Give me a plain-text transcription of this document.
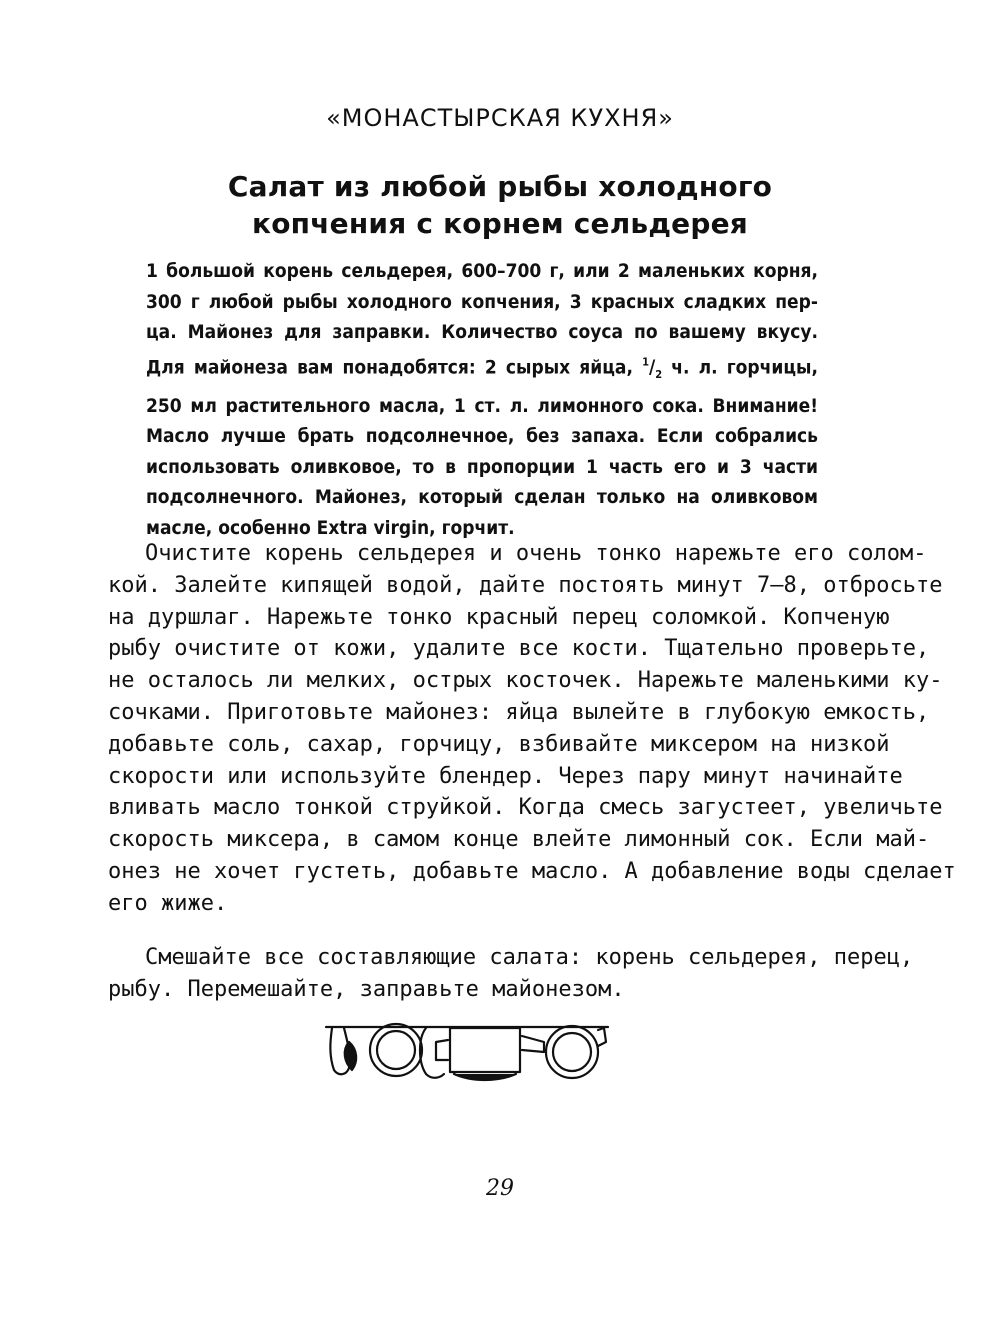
«МОНАСТЫРСКАЯ КУХНЯ»
Салат из любой рыбы холодного
копчения с корнем сельдерея
1 большой корень сельдерея, 600–700 г, или 2 маленьких корня,
300 г любой рыбы холодного копчения, 3 красных сладких пер-
ца. Майонез для заправки. Количество соуса по вашему вкусу.
Для майонеза вам понадобятся: 2 сырых яйца, $^1/_2$ ч. л. горчицы,
250 мл растительного масла, 1 ст. л. лимонного сока. Внимание!
Масло лучше брать подсолнечное, без запаха. Если собрались
использовать оливковое, то в пропорции 1 часть его и 3 части
подсолнечного. Майонез, который сделан только на оливковом
масле, особенно Extra virgin, горчит.
Очистите корень сельдерея и очень тонко нарежьте его солом-
кой. Залейте кипящей водой, дайте постоять минут 7–8, отбросьте
на дуршлаг. Нарежьте тонко красный перец соломкой. Копченую
рыбу очистите от кожи, удалите все кости. Тщательно проверьте,
не осталось ли мелких, острых косточек. Нарежьте маленькими ку-
сочками. Приготовьте майонез: яйца вылейте в глубокую емкость,
добавьте соль, сахар, горчицу, взбивайте миксером на низкой
скорости или используйте блендер. Через пару минут начинайте
вливать масло тонкой струйкой. Когда смесь загустеет, увеличьте
скорость миксера, в самом конце влейте лимонный сок. Если май-
онез не хочет густеть, добавьте масло. А добавление воды сделает
его жиже.
Смешайте все составляющие салата: корень сельдерея, перец,
рыбу. Перемешайте, заправьте майонезом.
29
